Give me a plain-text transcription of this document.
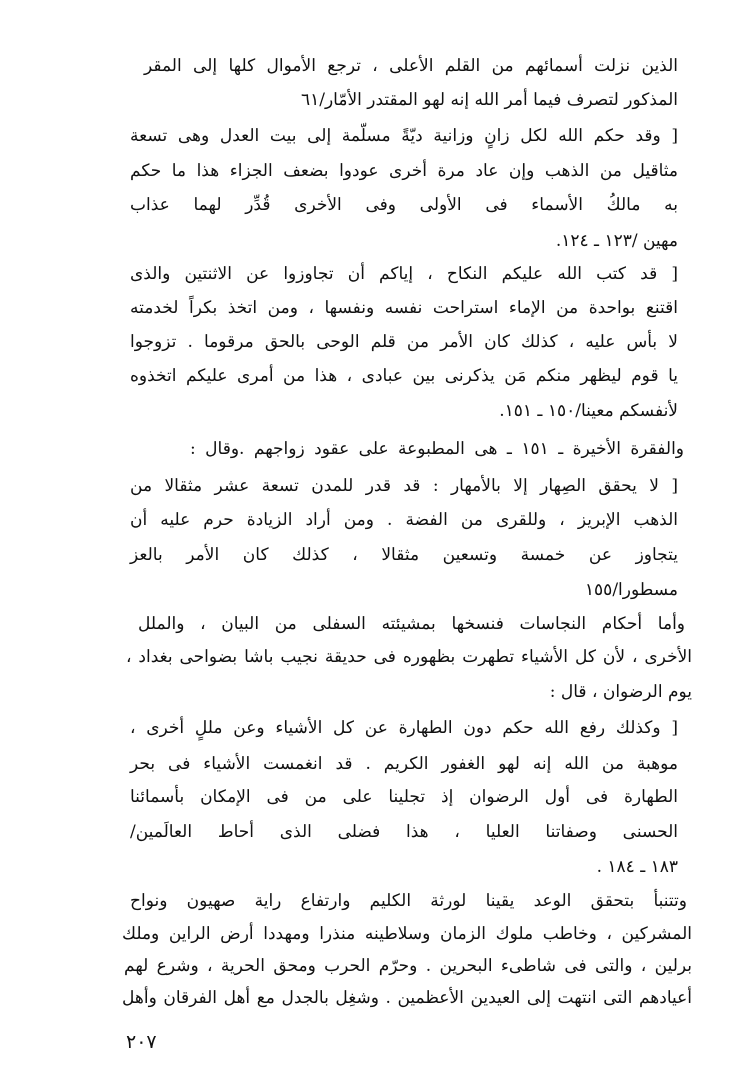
الذين نزلت أسمائهم من القلم الأعلى ، ترجع الأموال كلها إلى المقر
المذكور لتصرف فيما أمر الله إنه لهو المقتدر الأمّار/٦١
[ وقد حكم الله لكل زانٍ وزانية ديّةً مسلّمة إلى بيت العدل وهى تسعة
مثاقيل من الذهب وإن عاد مرة أخرى عودوا بضعف الجزاء هذا ما حكم
به مالكُ الأسماء فى الأولى وفى الأخرى قُدِّر لهما عذاب
مهين /١٢٣ ـ ١٢٤.
[ قد كتب الله عليكم النكاح ، إياكم أن تجاوزوا عن الاثنتين والذى
اقتنع بواحدة من الإماء استراحت نفسه ونفسها ، ومن اتخذ بكراً لخدمته
لا بأس عليه ، كذلك كان الأمر من قلم الوحى بالحق مرقوما . تزوجوا
يا قوم ليظهر منكم مَن يذكرنى بين عبادى ، هذا من أمرى عليكم اتخذوه
لأنفسكم معينا/١٥٠ ـ ١٥١.
والفقرة الأخيرة ـ ١٥١ ـ هى المطبوعة على عقود زواجهم .وقال :
[ لا يحقق الصِهار إلا بالأمهار : قد قدر للمدن تسعة عشر مثقالا من
الذهب الإبريز ، وللقرى من الفضة . ومن أراد الزيادة حرم عليه أن
يتجاوز عن خمسة وتسعين مثقالا ، كذلك كان الأمر بالعز
مسطورا/١٥٥
وأما أحكام النجاسات فنسخها بمشيئته السفلى من البيان ، والملل
الأخرى ، لأن كل الأشياء تطهرت بظهوره فى حديقة نجيب باشا بضواحى بغداد ،
يوم الرضوان ، قال :
[ وكذلك رفع الله حكم دون الطهارة عن كل الأشياء وعن مللٍ أخرى ،
موهبة من الله إنه لهو الغفور الكريم . قد انغمست الأشياء فى بحر
الطهارة فى أول الرضوان إذ تجلينا على من فى الإمكان بأسمائنا
الحسنى وصفاتنا العليا ، هذا فضلى الذى أحاط العالَمين/
١٨٣ ـ ١٨٤ .
وتتنبأ بتحقق الوعد يقينا لورثة الكليم وارتفاع راية صهيون ونواح
المشركين ، وخاطب ملوك الزمان وسلاطينه منذرا ومهددا أرض الراين وملك
برلين ، والتى فى شاطىء البحرين . وحرّم الحرب ومحق الحرية ، وشرع لهم
أعيادهم التى انتهت إلى العيدين الأعظمين . وشغِل بالجدل مع أهل الفرقان وأهل
٢٠٧
